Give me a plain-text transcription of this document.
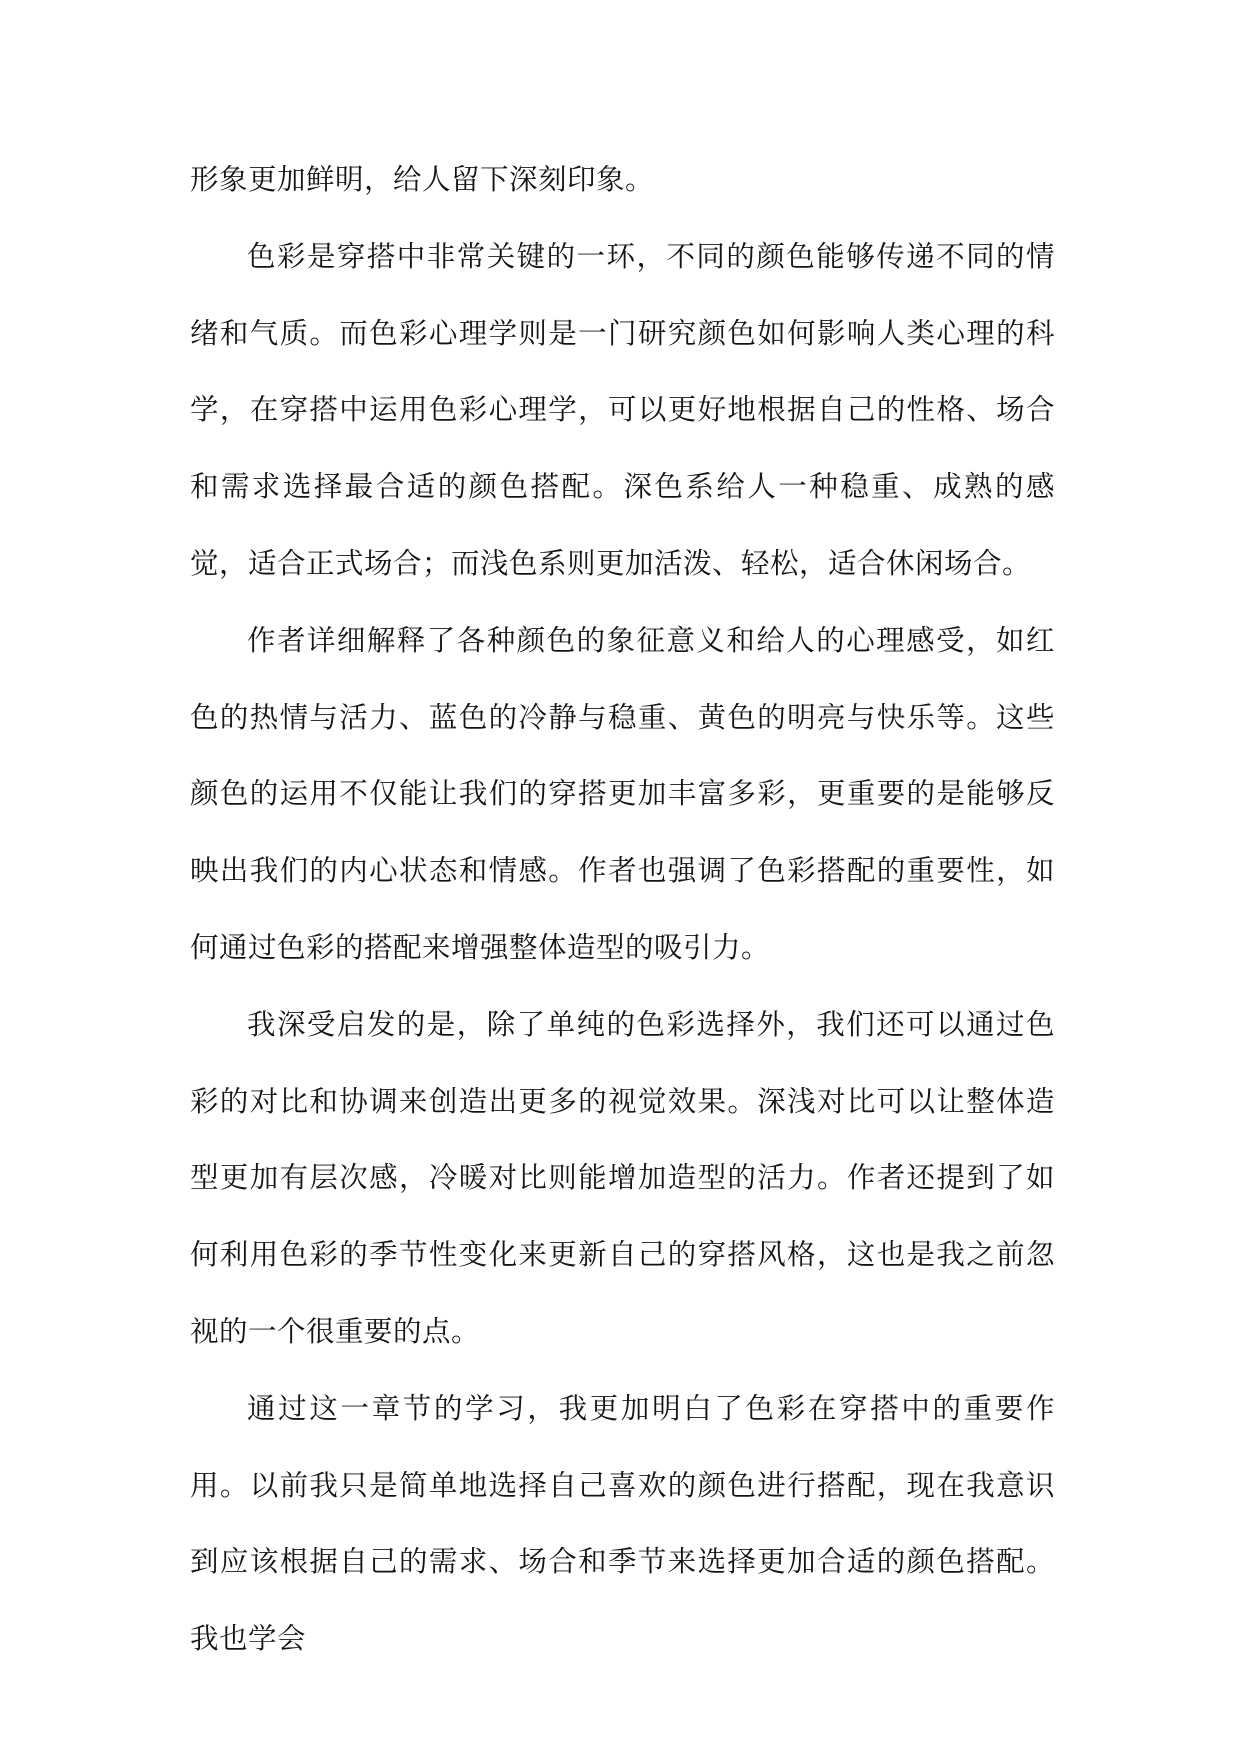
形象更加鲜明，给人留下深刻印象。

色彩是穿搭中非常关键的一环，不同的颜色能够传递不同的情绪和气质。而色彩心理学则是一门研究颜色如何影响人类心理的科学，在穿搭中运用色彩心理学，可以更好地根据自己的性格、场合和需求选择最合适的颜色搭配。深色系给人一种稳重、成熟的感觉，适合正式场合；而浅色系则更加活泼、轻松，适合休闲场合。

作者详细解释了各种颜色的象征意义和给人的心理感受，如红色的热情与活力、蓝色的冷静与稳重、黄色的明亮与快乐等。这些颜色的运用不仅能让我们的穿搭更加丰富多彩，更重要的是能够反映出我们的内心状态和情感。作者也强调了色彩搭配的重要性，如何通过色彩的搭配来增强整体造型的吸引力。

我深受启发的是，除了单纯的色彩选择外，我们还可以通过色彩的对比和协调来创造出更多的视觉效果。深浅对比可以让整体造型更加有层次感，冷暖对比则能增加造型的活力。作者还提到了如何利用色彩的季节性变化来更新自己的穿搭风格，这也是我之前忽视的一个很重要的点。

通过这一章节的学习，我更加明白了色彩在穿搭中的重要作用。以前我只是简单地选择自己喜欢的颜色进行搭配，现在我意识到应该根据自己的需求、场合和季节来选择更加合适的颜色搭配。我也学会
